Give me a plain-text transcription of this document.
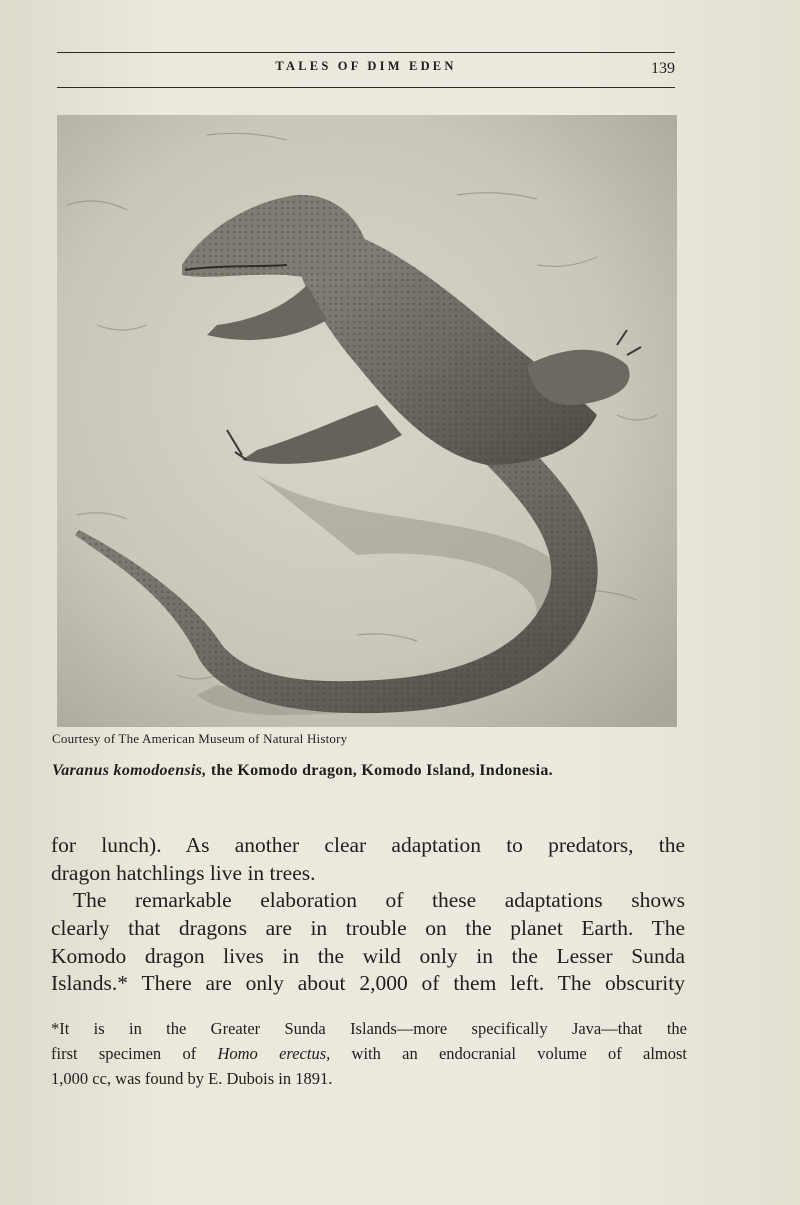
TALES OF DIM EDEN	139
Courtesy of The American Museum of Natural History
Varanus komodoensis, the Komodo dragon, Komodo Island, Indonesia.
for lunch). As another clear adaptation to predators, the
dragon hatchlings live in trees.
The remarkable elaboration of these adaptations shows
clearly that dragons are in trouble on the planet Earth. The
Komodo dragon lives in the wild only in the Lesser Sunda
Islands.* There are only about 2,000 of them left. The obscurity
*It is in the Greater Sunda Islands—more specifically Java—that the
first specimen of Homo erectus, with an endocranial volume of almost
1,000 cc, was found by E. Dubois in 1891.
